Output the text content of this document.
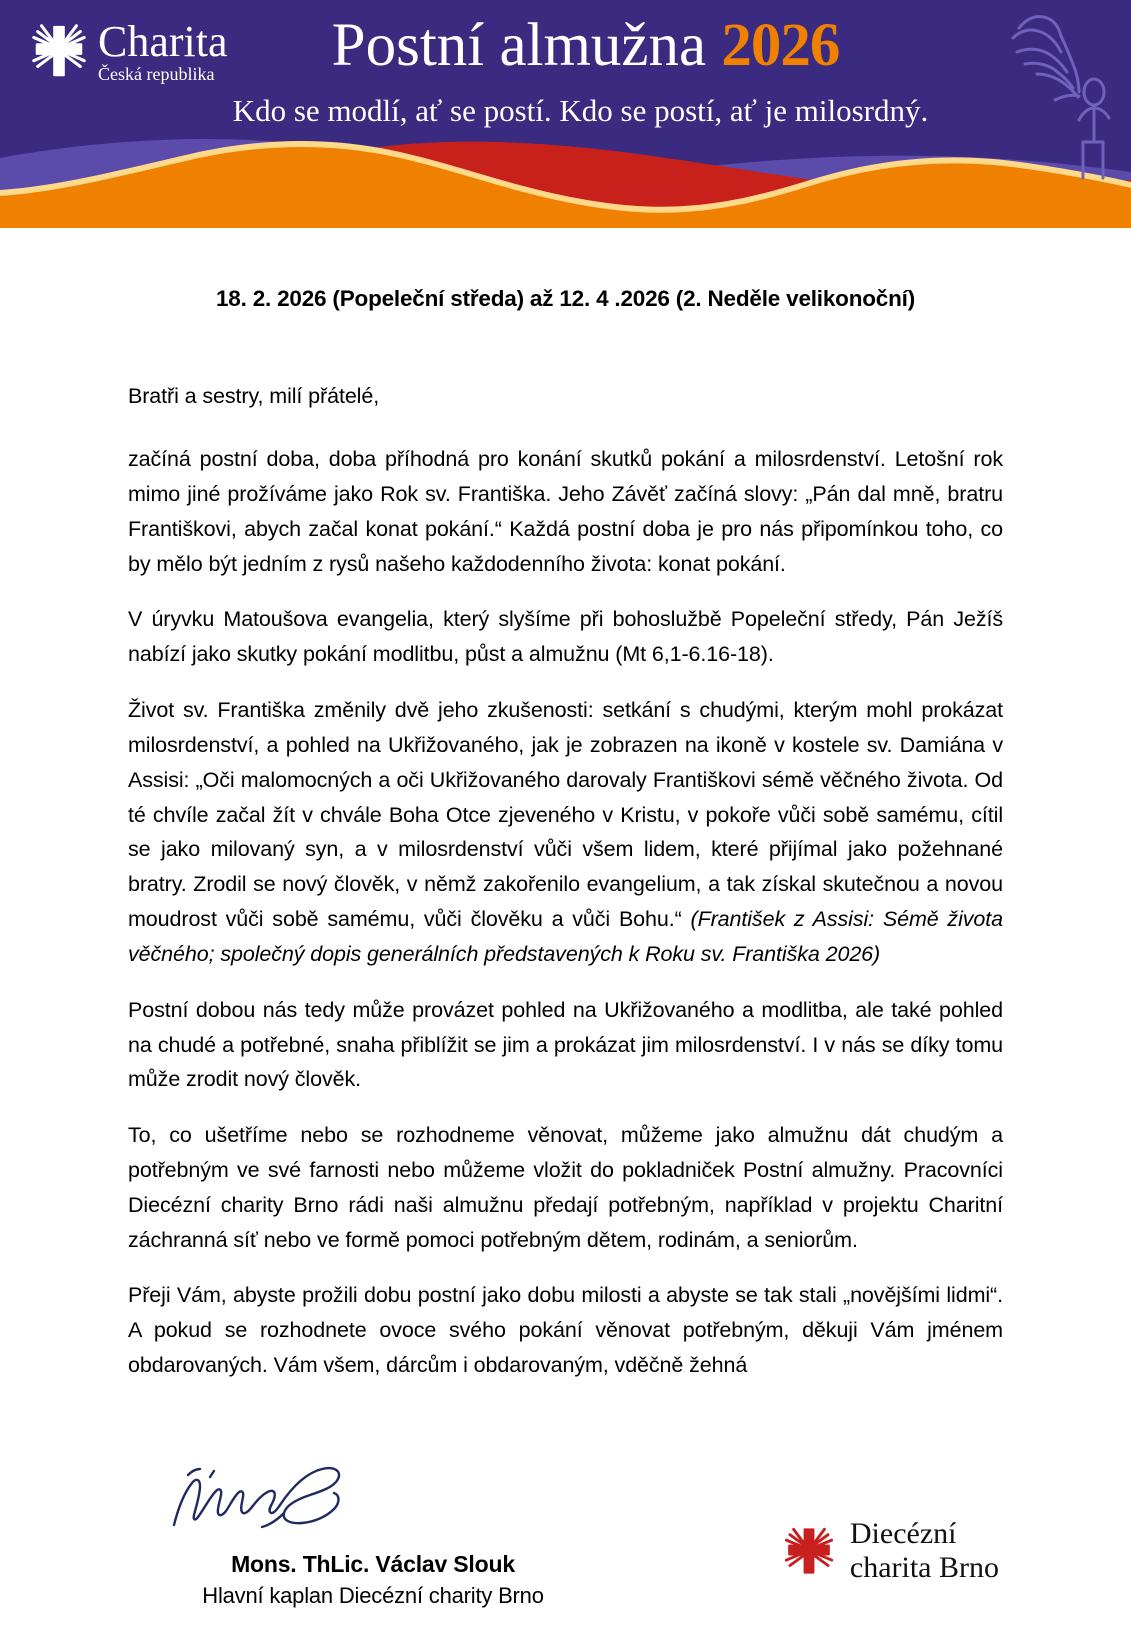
Charita
Česká republika	Postní almužna 2026
Kdo se modlí, ať se postí. Kdo se postí, ať je milosrdný.
18. 2. 2026 (Popeleční středa) až 12. 4 .2026 (2. Neděle velikonoční)

Bratři a sestry, milí přátelé,

začíná postní doba, doba příhodná pro konání skutků pokání a milosrdenství. Letošní rok mimo jiné prožíváme jako Rok sv. Františka. Jeho Závěť začíná slovy: „Pán dal mně, bratru Františkovi, abych začal konat pokání.“ Každá postní doba je pro nás připomínkou toho, co by mělo být jedním z rysů našeho každodenního života: konat pokání.

V úryvku Matoušova evangelia, který slyšíme při bohoslužbě Popeleční středy, Pán Ježíš nabízí jako skutky pokání modlitbu, půst a almužnu (Mt 6,1-6.16-18).

Život sv. Františka změnily dvě jeho zkušenosti: setkání s chudými, kterým mohl prokázat milosrdenství, a pohled na Ukřižovaného, jak je zobrazen na ikoně v kostele sv. Damiána v Assisi: „Oči malomocných a oči Ukřižovaného darovaly Františkovi sémě věčného života. Od té chvíle začal žít v chvále Boha Otce zjeveného v Kristu, v pokoře vůči sobě samému, cítil se jako milovaný syn, a v milosrdenství vůči všem lidem, které přijímal jako požehnané bratry. Zrodil se nový člověk, v němž zakořenilo evangelium, a tak získal skutečnou a novou moudrost vůči sobě samému, vůči člověku a vůči Bohu.“ (František z Assisi: Sémě života věčného; společný dopis generálních představených k Roku sv. Františka 2026)

Postní dobou nás tedy může provázet pohled na Ukřižovaného a modlitba, ale také pohled na chudé a potřebné, snaha přiblížit se jim a prokázat jim milosrdenství. I v nás se díky tomu může zrodit nový člověk.

To, co ušetříme nebo se rozhodneme věnovat, můžeme jako almužnu dát chudým a potřebným ve své farnosti nebo můžeme vložit do pokladniček Postní almužny. Pracovníci Diecézní charity Brno rádi naši almužnu předají potřebným, například v projektu Charitní záchranná síť nebo ve formě pomoci potřebným dětem, rodinám, a seniorům.

Přeji Vám, abyste prožili dobu postní jako dobu milosti a abyste se tak stali „novějšími lidmi“. A pokud se rozhodnete ovoce svého pokání věnovat potřebným, děkuji Vám jménem obdarovaných. Vám všem, dárcům i obdarovaným, vděčně žehná

Mons. ThLic. Václav Slouk
Hlavní kaplan Diecézní charity Brno
Diecézní
charita Brno
